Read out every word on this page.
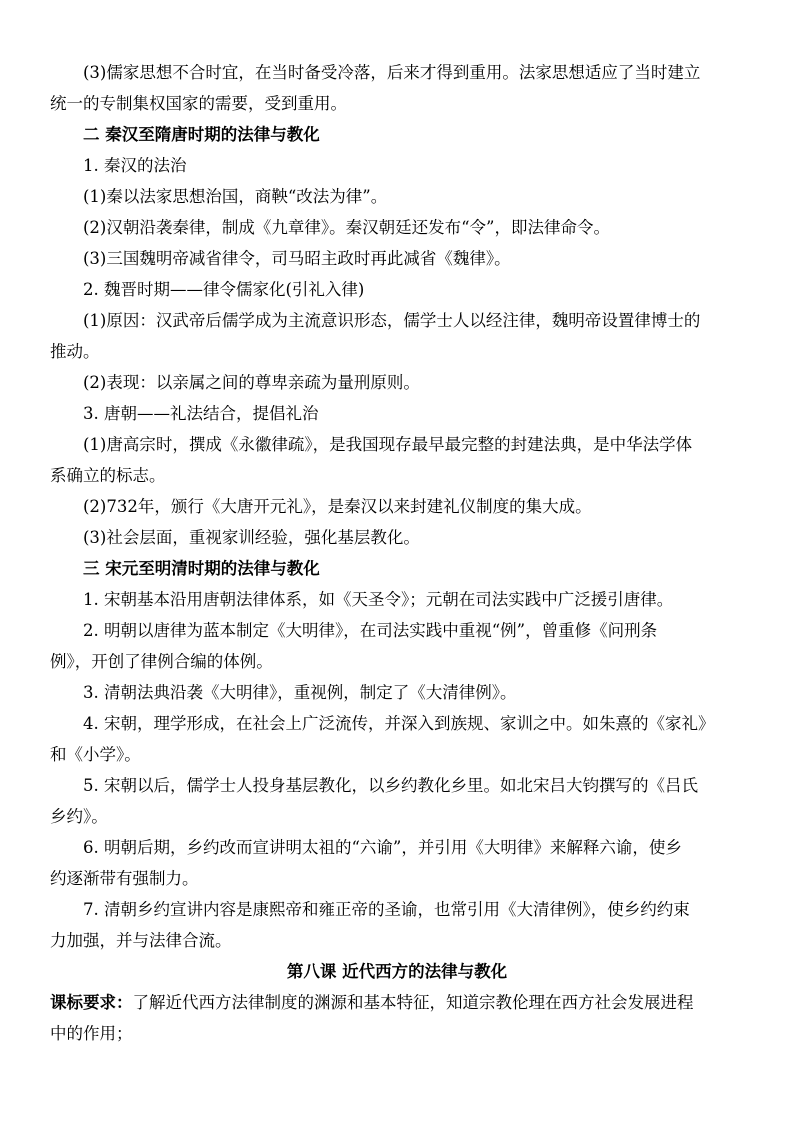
(3)儒家思想不合时宜，在当时备受冷落，后来才得到重用。法家思想适应了当时建立
统一的专制集权国家的需要，受到重用。
二 秦汉至隋唐时期的法律与教化
1. 秦汉的法治
(1)秦以法家思想治国，商鞅“改法为律”。
(2)汉朝沿袭秦律，制成《九章律》。秦汉朝廷还发布“令”，即法律命令。
(3)三国魏明帝减省律令，司马昭主政时再此减省《魏律》。
2. 魏晋时期——律令儒家化(引礼入律)
(1)原因：汉武帝后儒学成为主流意识形态，儒学士人以经注律，魏明帝设置律博士的
推动。
(2)表现：以亲属之间的尊卑亲疏为量刑原则。
3. 唐朝——礼法结合，提倡礼治
(1)唐高宗时，撰成《永徽律疏》，是我国现存最早最完整的封建法典，是中华法学体
系确立的标志。
(2)732年，颁行《大唐开元礼》，是秦汉以来封建礼仪制度的集大成。
(3)社会层面，重视家训经验，强化基层教化。
三 宋元至明清时期的法律与教化
1. 宋朝基本沿用唐朝法律体系，如《天圣令》；元朝在司法实践中广泛援引唐律。
2. 明朝以唐律为蓝本制定《大明律》，在司法实践中重视“例”，曾重修《问刑条
例》，开创了律例合编的体例。
3. 清朝法典沿袭《大明律》，重视例，制定了《大清律例》。
4. 宋朝，理学形成，在社会上广泛流传，并深入到族规、家训之中。如朱熹的《家礼》
和《小学》。
5. 宋朝以后，儒学士人投身基层教化，以乡约教化乡里。如北宋吕大钧撰写的《吕氏
乡约》。
6. 明朝后期，乡约改而宣讲明太祖的“六谕”，并引用《大明律》来解释六谕，使乡
约逐渐带有强制力。
7. 清朝乡约宣讲内容是康熙帝和雍正帝的圣谕，也常引用《大清律例》，使乡约约束
力加强，并与法律合流。
第八课 近代西方的法律与教化
课标要求：了解近代西方法律制度的渊源和基本特征，知道宗教伦理在西方社会发展进程
中的作用；
